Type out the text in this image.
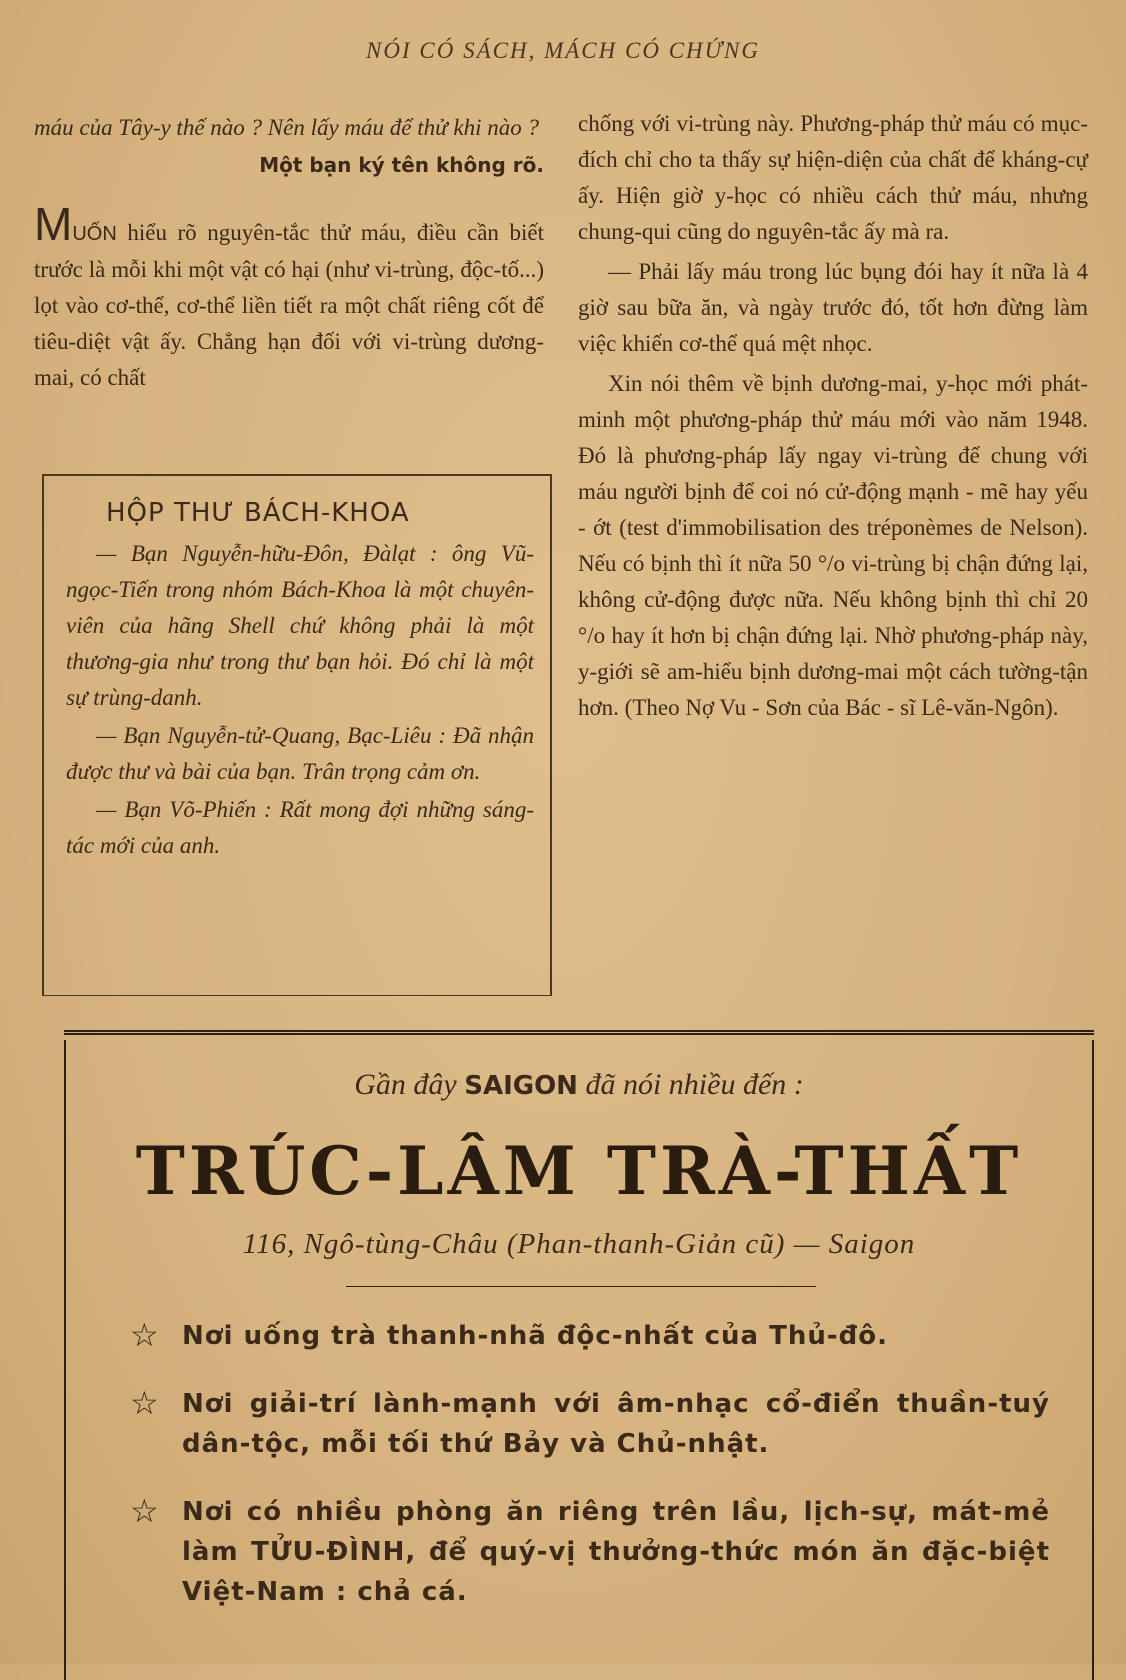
NÓI CÓ SÁCH, MÁCH CÓ CHỨNG

máu của Tây-y thế nào ? Nên lấy máu để thử khi nào ?

Một bạn ký tên không rõ.

MUỐN hiểu rõ nguyên-tắc thử máu, điều cần biết trước là mỗi khi một vật có hại (như vi-trùng, độc-tố...) lọt vào cơ-thể, cơ-thể liền tiết ra một chất riêng cốt để tiêu-diệt vật ấy. Chẳng hạn đối với vi-trùng dương-mai, có chất

HỘP THƯ BÁCH-KHOA

— Bạn Nguyễn-hữu-Đôn, Đàlạt : ông Vũ-ngọc-Tiến trong nhóm Bách-Khoa là một chuyên-viên của hãng Shell chứ không phải là một thương-gia như trong thư bạn hỏi. Đó chỉ là một sự trùng-danh.

— Bạn Nguyễn-tử-Quang, Bạc-Liêu : Đã nhận được thư và bài của bạn. Trân trọng cảm ơn.

— Bạn Võ-Phiến : Rất mong đợi những sáng-tác mới của anh.

chống với vi-trùng này. Phương-pháp thử máu có mục-đích chỉ cho ta thấy sự hiện-diện của chất để kháng-cự ấy. Hiện giờ y-học có nhiều cách thử máu, nhưng chung-qui cũng do nguyên-tắc ấy mà ra.

— Phải lấy máu trong lúc bụng đói hay ít nữa là 4 giờ sau bữa ăn, và ngày trước đó, tốt hơn đừng làm việc khiến cơ-thể quá mệt nhọc.

Xin nói thêm về bịnh dương-mai, y-học mới phát-minh một phương-pháp thử máu mới vào năm 1948. Đó là phương-pháp lấy ngay vi-trùng để chung với máu người bịnh để coi nó cử-động mạnh - mẽ hay yếu - ớt (test d'immobilisation des tréponèmes de Nelson). Nếu có bịnh thì ít nữa 50 °/o vi-trùng bị chận đứng lại, không cử-động được nữa. Nếu không bịnh thì chỉ 20 °/o hay ít hơn bị chận đứng lại. Nhờ phương-pháp này, y-giới sẽ am-hiểu bịnh dương-mai một cách tường-tận hơn. (Theo Nợ Vu - Sơn của Bác - sĩ Lê-văn-Ngôn).

Gần đây SAIGON đã nói nhiều đến :
TRÚC-LÂM TRÀ-THẤT
116, Ngô-tùng-Châu (Phan-thanh-Giản cũ) — Saigon
☆ Nơi uống trà thanh-nhã độc-nhất của Thủ-đô.
☆ Nơi giải-trí lành-mạnh với âm-nhạc cổ-điển thuần-tuý dân-tộc, mỗi tối thứ Bảy và Chủ-nhật.
☆ Nơi có nhiều phòng ăn riêng trên lầu, lịch-sự, mát-mẻ làm TỬU-ĐÌNH, để quý-vị thưởng-thức món ăn đặc-biệt Việt-Nam : chả cá.
